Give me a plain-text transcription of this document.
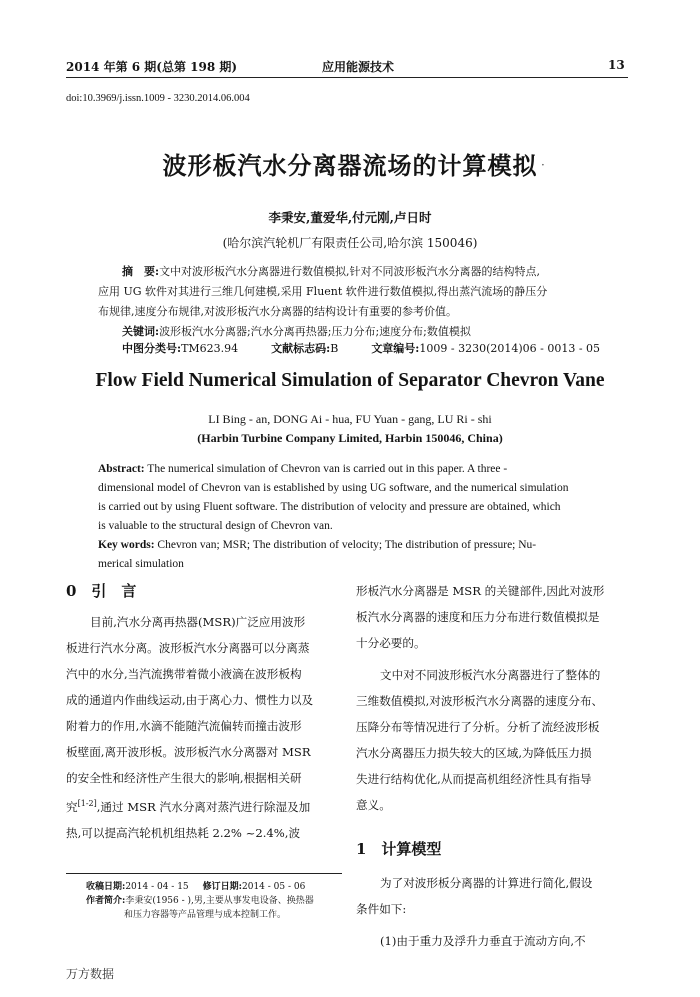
2014 年第 6 期(总第 198 期)	应用能源技术	13
doi:10.3969/j.issn.1009 - 3230.2014.06.004
波形板汽水分离器流场的计算模拟 ·
李秉安,董爱华,付元刚,卢日时
(哈尔滨汽轮机厂有限责任公司,哈尔滨 150046)
摘　要:文中对波形板汽水分离器进行数值模拟,针对不同波形板汽水分离器的结构特点,
应用 UG 软件对其进行三维几何建模,采用 Fluent 软件进行数值模拟,得出蒸汽流场的静压分
布规律,速度分布规律,对波形板汽水分离器的结构设计有重要的参考价值。
关键词:波形板汽水分离器;汽水分离再热器;压力分布;速度分布;数值模拟
中图分类号:TM623.94	文献标志码:B	文章编号:1009 - 3230(2014)06 - 0013 - 05
Flow Field Numerical Simulation of Separator Chevron Vane
LI Bing - an, DONG Ai - hua, FU Yuan - gang, LU Ri - shi
(Harbin Turbine Company Limited, Harbin 150046, China)
Abstract: The numerical simulation of Chevron van is carried out in this paper. A three -
dimensional model of Chevron van is established by using UG software, and the numerical simulation
is carried out by using Fluent software. The distribution of velocity and pressure are obtained, which
is valuable to the structural design of Chevron van.
Key words: Chevron van; MSR; The distribution of velocity; The distribution of pressure; Nu-
merical simulation
0　引　言
目前,汽水分离再热器(MSR)广泛应用波形
板进行汽水分离。波形板汽水分离器可以分离蒸
汽中的水分,当汽流携带着微小液滴在波形板构
成的通道内作曲线运动,由于离心力、惯性力以及
附着力的作用,水滴不能随汽流偏转而撞击波形
板壁面,离开波形板。波形板汽水分离器对 MSR
的安全性和经济性产生很大的影响,根据相关研
究[1-2],通过 MSR 汽水分离对蒸汽进行除湿及加
热,可以提高汽轮机机组热耗 2.2% ~2.4%,波
收稿日期:2014 - 04 - 15 修订日期:2014 - 05 - 06
作者简介:李秉安(1956 - ),男,主要从事发电设备、换热器
和压力容器等产品管理与成本控制工作。
形板汽水分离器是 MSR 的关键部件,因此对波形
板汽水分离器的速度和压力分布进行数值模拟是
十分必要的。
文中对不同波形板汽水分离器进行了整体的
三维数值模拟,对波形板汽水分离器的速度分布、
压降分布等情况进行了分析。分析了流经波形板
汽水分离器压力损失较大的区域,为降低压力损
失进行结构优化,从而提高机组经济性具有指导
意义。
1　计算模型
为了对波形板分离器的计算进行简化,假设
条件如下:
(1)由于重力及浮升力垂直于流动方向,不
万方数据
